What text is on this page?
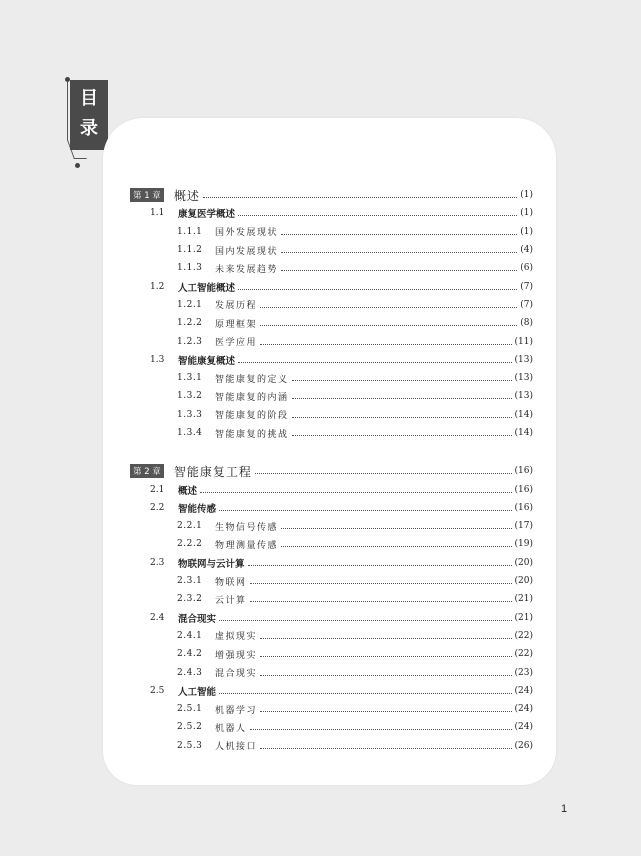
目
录
第 1 章 概述	(1)
1.1	康复医学概述	(1)
1.1.1	国外发展现状	(1)
1.1.2	国内发展现状	(4)
1.1.3	未来发展趋势	(6)
1.2	人工智能概述	(7)
1.2.1	发展历程	(7)
1.2.2	原理框架	(8)
1.2.3	医学应用	(11)
1.3	智能康复概述	(13)
1.3.1	智能康复的定义	(13)
1.3.2	智能康复的内涵	(13)
1.3.3	智能康复的阶段	(14)
1.3.4	智能康复的挑战	(14)
第 2 章 智能康复工程	(16)
2.1	概述	(16)
2.2	智能传感	(16)
2.2.1	生物信号传感	(17)
2.2.2	物理测量传感	(19)
2.3	物联网与云计算	(20)
2.3.1	物联网	(20)
2.3.2	云计算	(21)
2.4	混合现实	(21)
2.4.1	虚拟现实	(22)
2.4.2	增强现实	(22)
2.4.3	混合现实	(23)
2.5	人工智能	(24)
2.5.1	机器学习	(24)
2.5.2	机器人	(24)
2.5.3	人机接口	(26)
1
